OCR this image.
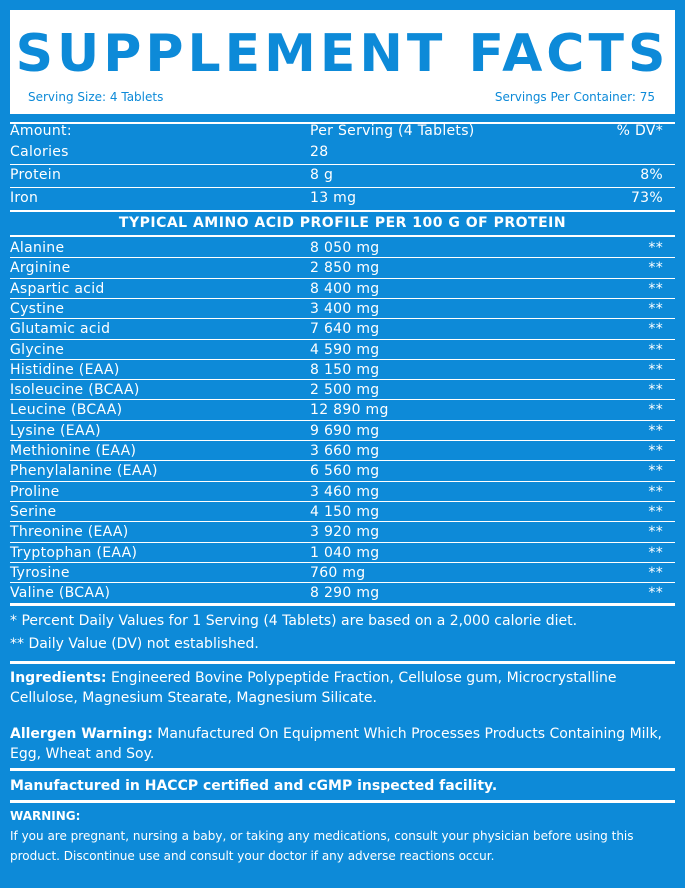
SUPPLEMENT FACTS
Serving Size: 4 Tablets	Servings Per Container: 75
Amount:	Per Serving (4 Tablets)	% DV*
Calories	28
Protein	8 g	8%
Iron	13 mg	73%
TYPICAL AMINO ACID PROFILE PER 100 G OF PROTEIN
Alanine	8 050 mg	**
Arginine	2 850 mg	**
Aspartic acid	8 400 mg	**
Cystine	3 400 mg	**
Glutamic acid	7 640 mg	**
Glycine	4 590 mg	**
Histidine (EAA)	8 150 mg	**
Isoleucine (BCAA)	2 500 mg	**
Leucine (BCAA)	12 890 mg	**
Lysine (EAA)	9 690 mg	**
Methionine (EAA)	3 660 mg	**
Phenylalanine (EAA)	6 560 mg	**
Proline	3 460 mg	**
Serine	4 150 mg	**
Threonine (EAA)	3 920 mg	**
Tryptophan (EAA)	1 040 mg	**
Tyrosine	760 mg	**
Valine (BCAA)	8 290 mg	**
* Percent Daily Values for 1 Serving (4 Tablets) are based on a 2,000 calorie diet.
** Daily Value (DV) not established.
Ingredients: Engineered Bovine Polypeptide Fraction, Cellulose gum, Microcrystalline Cellulose, Magnesium Stearate, Magnesium Silicate.
Allergen Warning: Manufactured On Equipment Which Processes Products Containing Milk, Egg, Wheat and Soy.
Manufactured in HACCP certified and cGMP inspected facility.
WARNING:
If you are pregnant, nursing a baby, or taking any medications, consult your physician before using this product. Discontinue use and consult your doctor if any adverse reactions occur.
